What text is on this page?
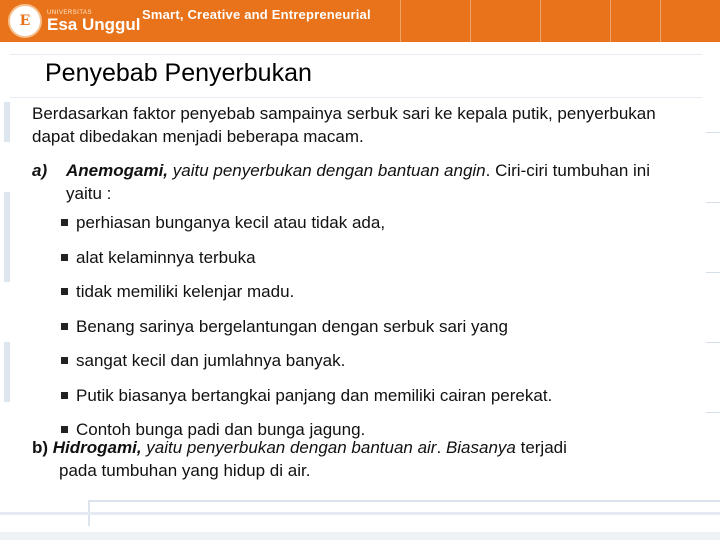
E
UNIVERSITAS
Esa Unggul Smart, Creative and Entrepreneurial
Penyebab Penyerbukan
Berdasarkan faktor penyebab sampainya serbuk sari ke kepala putik, penyerbukan dapat dibedakan menjadi beberapa macam.
a) Anemogami, yaitu penyerbukan dengan bantuan angin. Ciri-ciri tumbuhan ini yaitu :
perhiasan bunganya kecil atau tidak ada,
alat kelaminnya terbuka
tidak memiliki kelenjar madu.
Benang sarinya bergelantungan dengan serbuk sari yang
sangat kecil dan jumlahnya banyak.
Putik biasanya bertangkai panjang dan memiliki cairan perekat.
Contoh bunga padi dan bunga jagung.
b) Hidrogami, yaitu penyerbukan dengan bantuan air. Biasanya terjadi
pada tumbuhan yang hidup di air.
